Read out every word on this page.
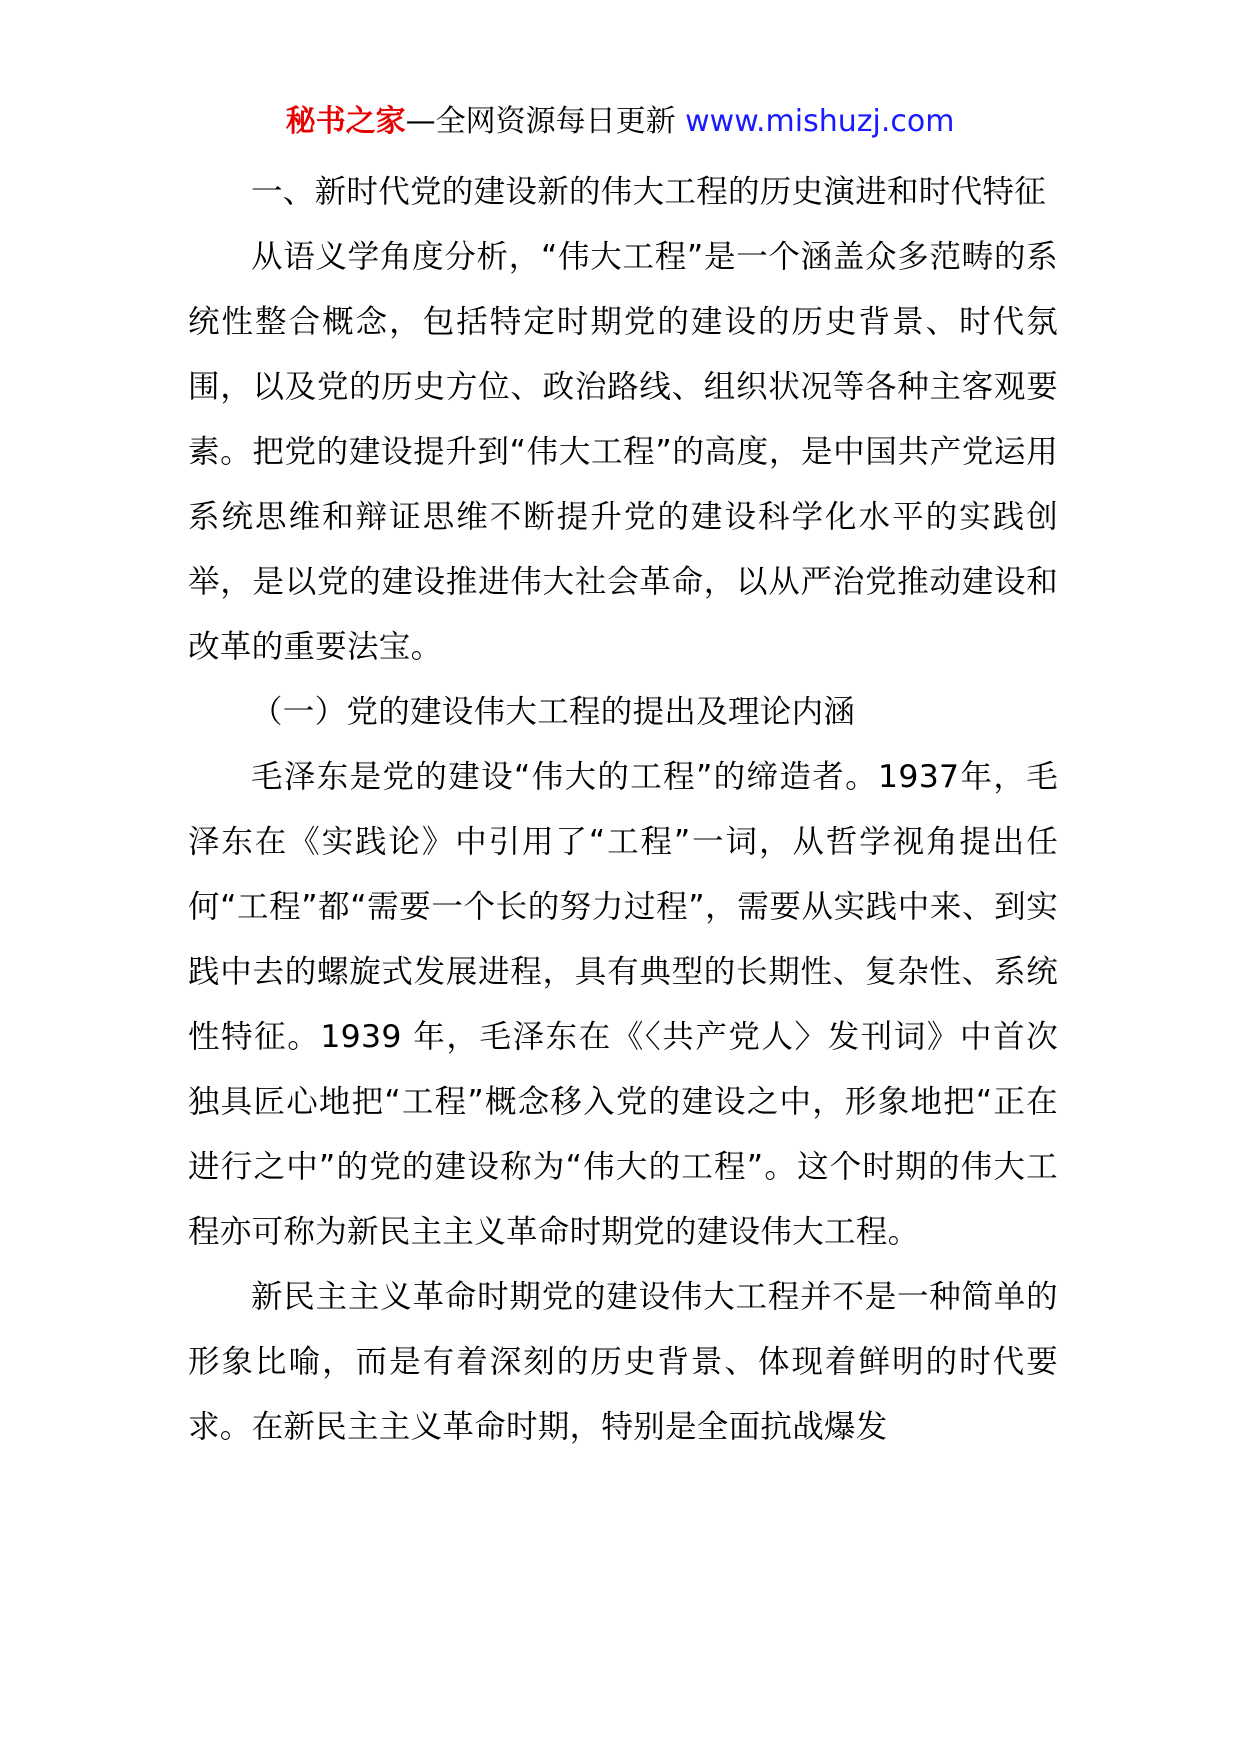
秘书之家—全网资源每日更新 www.mishuzj.com

一、新时代党的建设新的伟大工程的历史演进和时代特征

从语义学角度分析，“伟大工程”是一个涵盖众多范畴的系统性整合概念，包括特定时期党的建设的历史背景、时代氛围，以及党的历史方位、政治路线、组织状况等各种主客观要素。把党的建设提升到“伟大工程”的高度，是中国共产党运用系统思维和辩证思维不断提升党的建设科学化水平的实践创举，是以党的建设推进伟大社会革命，以从严治党推动建设和改革的重要法宝。

（一）党的建设伟大工程的提出及理论内涵

毛泽东是党的建设“伟大的工程”的缔造者。1937年，毛泽东在《实践论》中引用了“工程”一词，从哲学视角提出任何“工程”都“需要一个长的努力过程”，需要从实践中来、到实践中去的螺旋式发展进程，具有典型的长期性、复杂性、系统性特征。1939 年，毛泽东在《〈共产党人〉发刊词》中首次独具匠心地把“工程”概念移入党的建设之中，形象地把“正在进行之中”的党的建设称为“伟大的工程”。这个时期的伟大工程亦可称为新民主主义革命时期党的建设伟大工程。

新民主主义革命时期党的建设伟大工程并不是一种简单的形象比喻，而是有着深刻的历史背景、体现着鲜明的时代要求。在新民主主义革命时期，特别是全面抗战爆发
